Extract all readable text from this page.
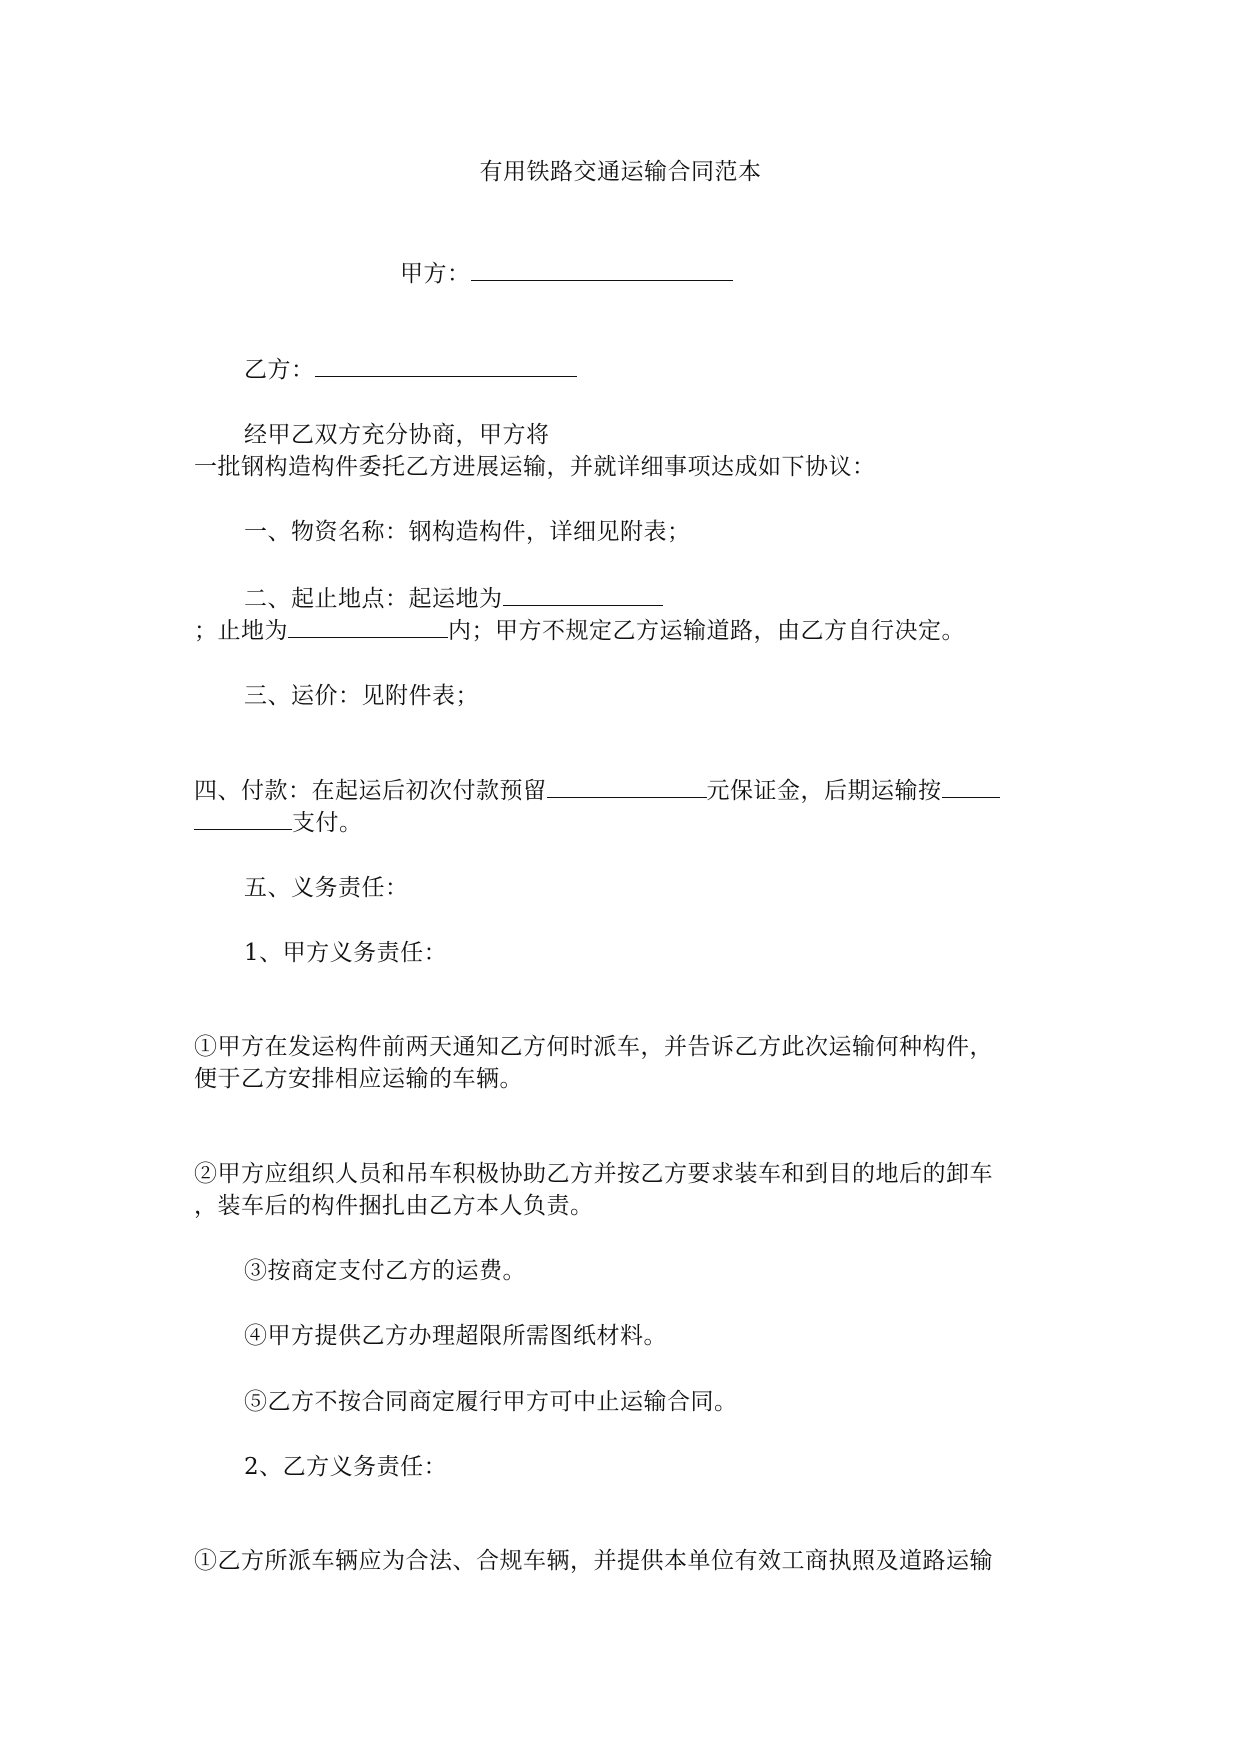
有用铁路交通运输合同范本
甲方：
乙方：
经甲乙双方充分协商，甲方将
一批钢构造构件委托乙方进展运输，并就详细事项达成如下协议：
一、物资名称：钢构造构件，详细见附表；
二、起止地点：起运地为
；止地为	内；甲方不规定乙方运输道路，由乙方自行决定。
三、运价：见附件表；
四、付款：在起运后初次付款预留	元保证金，后期运输按
支付。
五、义务责任：
1、甲方义务责任：
①甲方在发运构件前两天通知乙方何时派车，并告诉乙方此次运输何种构件，
便于乙方安排相应运输的车辆。
②甲方应组织人员和吊车积极协助乙方并按乙方要求装车和到目的地后的卸车
，装车后的构件捆扎由乙方本人负责。
③按商定支付乙方的运费。
④甲方提供乙方办理超限所需图纸材料。
⑤乙方不按合同商定履行甲方可中止运输合同。
2、乙方义务责任：
①乙方所派车辆应为合法、合规车辆，并提供本单位有效工商执照及道路运输
